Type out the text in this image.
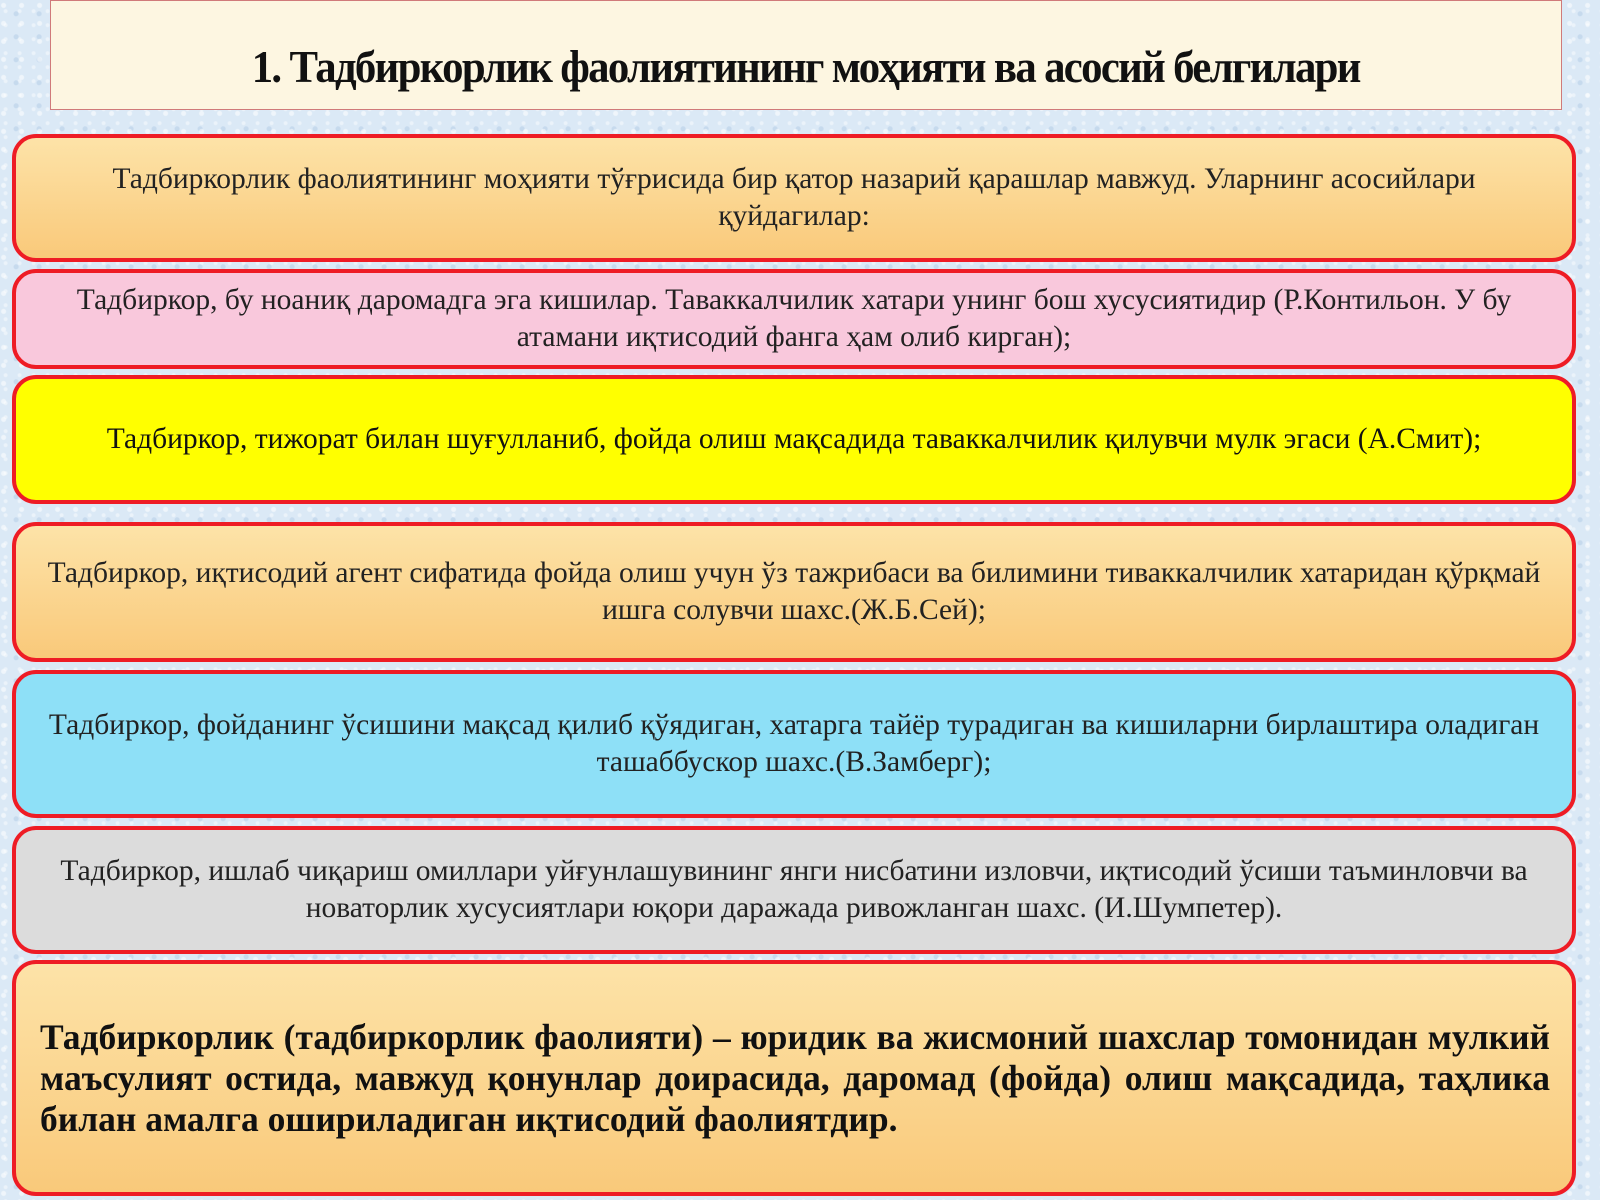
1. Тадбиркорлик фаолиятининг моҳияти ва асосий белгилари

Тадбиркорлик фаолиятининг моҳияти тўғрисида бир қатор назарий қарашлар мавжуд. Уларнинг асосийлари қуйдагилар:

Тадбиркор, бу ноаниқ даромадга эга кишилар. Таваккалчилик хатари унинг бош хусусиятидир (Р.Контильон. У бу атамани иқтисодий фанга ҳам олиб кирган);

Тадбиркор, тижорат билан шуғулланиб, фойда олиш мақсадида таваккалчилик қилувчи мулк эгаси (А.Смит);

Тадбиркор, иқтисодий агент сифатида фойда олиш учун ўз тажрибаси ва билимини тиваккалчилик хатаридан қўрқмай ишга солувчи шахс.(Ж.Б.Сей);

Тадбиркор, фойданинг ўсишини мақсад қилиб қўядиган, хатарга тайёр турадиган ва кишиларни бирлаштира оладиган ташаббускор шахс.(В.Замберг);

Тадбиркор, ишлаб чиқариш омиллари уйғунлашувининг янги нисбатини изловчи, иқтисодий ўсиши таъминловчи ва новаторлик хусусиятлари юқори даражада ривожланган шахс. (И.Шумпетер).

Тадбиркорлик (тадбиркорлик фаолияти) – юридик ва жисмоний шахслар томонидан мулкий маъсулият остида, мавжуд қонунлар доирасида, даромад (фойда) олиш мақсадида, таҳлика билан амалга ошириладиган иқтисодий фаолиятдир.
